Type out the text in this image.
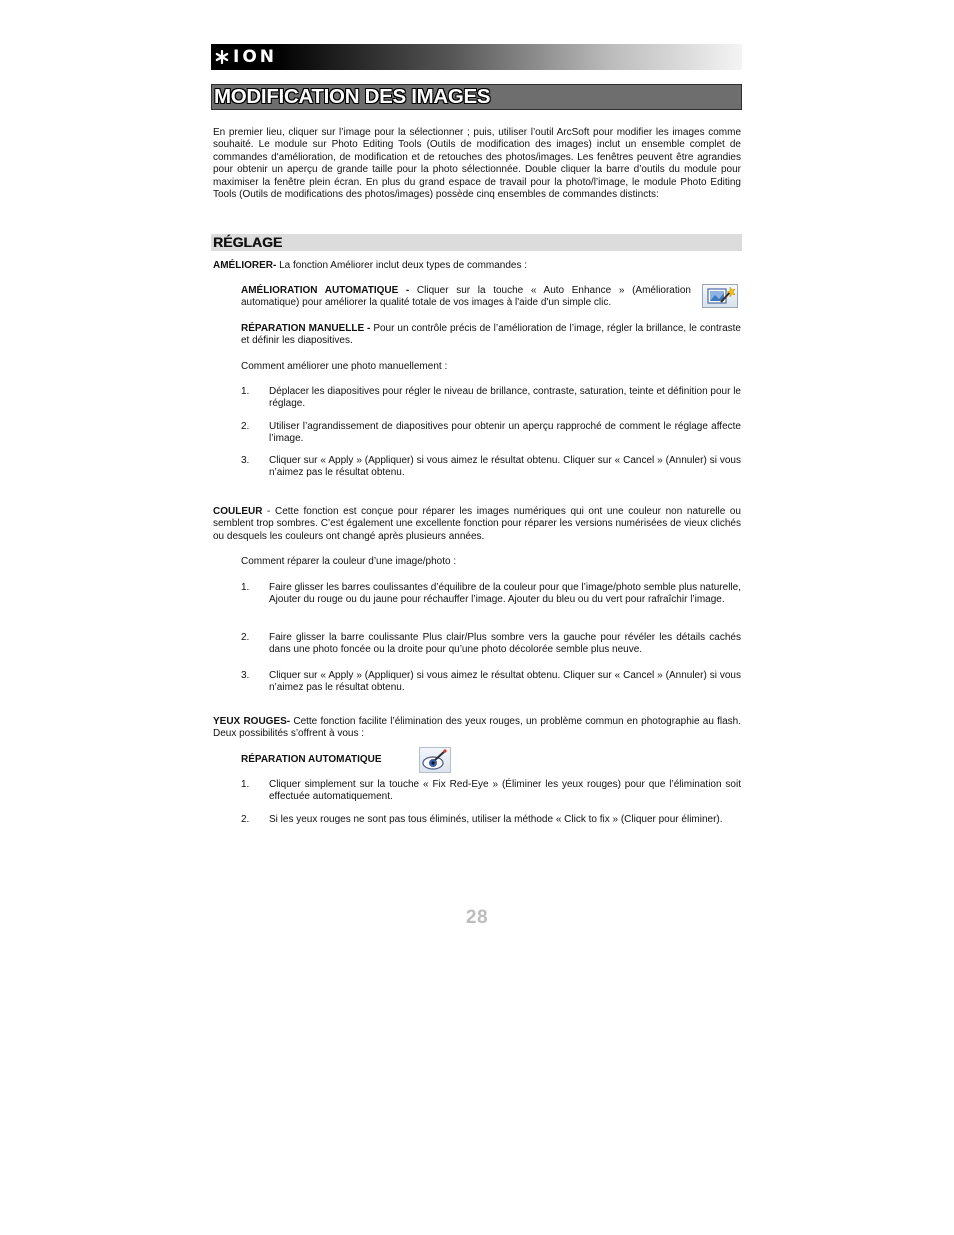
ION
MODIFICATION DES IMAGES
En premier lieu, cliquer sur l’image pour la sélectionner ; puis, utiliser l’outil ArcSoft pour modifier les images comme souhaité. Le module sur Photo Editing Tools (Outils de modification des images) inclut un ensemble complet de commandes d'amélioration, de modification et de retouches des photos/images. Les fenêtres peuvent être agrandies pour obtenir un aperçu de grande taille pour la photo sélectionnée. Double cliquer la barre d’outils du module pour maximiser la fenêtre plein écran. En plus du grand espace de travail pour la photo/l’image, le module Photo Editing Tools (Outils de modifications des photos/images) possède cinq ensembles de commandes distincts:
RÉGLAGE
AMÉLIORER- La fonction Améliorer inclut deux types de commandes :
AMÉLIORATION AUTOMATIQUE - Cliquer sur la touche « Auto Enhance » (Amélioration automatique) pour améliorer la qualité totale de vos images à l'aide d'un simple clic.
RÉPARATION MANUELLE - Pour un contrôle précis de l’amélioration de l’image, régler la brillance, le contraste et définir les diapositives.
Comment améliorer une photo manuellement :
1. Déplacer les diapositives pour régler le niveau de brillance, contraste, saturation, teinte et définition pour le réglage.
2. Utiliser l’agrandissement de diapositives pour obtenir un aperçu rapproché de comment le réglage affecte l’image.
3. Cliquer sur « Apply » (Appliquer) si vous aimez le résultat obtenu. Cliquer sur « Cancel » (Annuler) si vous n’aimez pas le résultat obtenu.
COULEUR - Cette fonction est conçue pour réparer les images numériques qui ont une couleur non naturelle ou semblent trop sombres. C’est également une excellente fonction pour réparer les versions numérisées de vieux clichés ou desquels les couleurs ont changé après plusieurs années.
Comment réparer la couleur d’une image/photo :
1. Faire glisser les barres coulissantes d’équilibre de la couleur pour que l’image/photo semble plus naturelle, Ajouter du rouge ou du jaune pour réchauffer l’image. Ajouter du bleu ou du vert pour rafraîchir l’image.
2. Faire glisser la barre coulissante Plus clair/Plus sombre vers la gauche pour révéler les détails cachés dans une photo foncée ou la droite pour qu’une photo décolorée semble plus neuve.
3. Cliquer sur « Apply » (Appliquer) si vous aimez le résultat obtenu. Cliquer sur « Cancel » (Annuler) si vous n’aimez pas le résultat obtenu.
YEUX ROUGES- Cette fonction facilite l’élimination des yeux rouges, un problème commun en photographie au flash. Deux possibilités s’offrent à vous :
RÉPARATION AUTOMATIQUE
1. Cliquer simplement sur la touche « Fix Red-Eye » (Éliminer les yeux rouges) pour que l’élimination soit effectuée automatiquement.
2. Si les yeux rouges ne sont pas tous éliminés, utiliser la méthode « Click to fix » (Cliquer pour éliminer).
28
